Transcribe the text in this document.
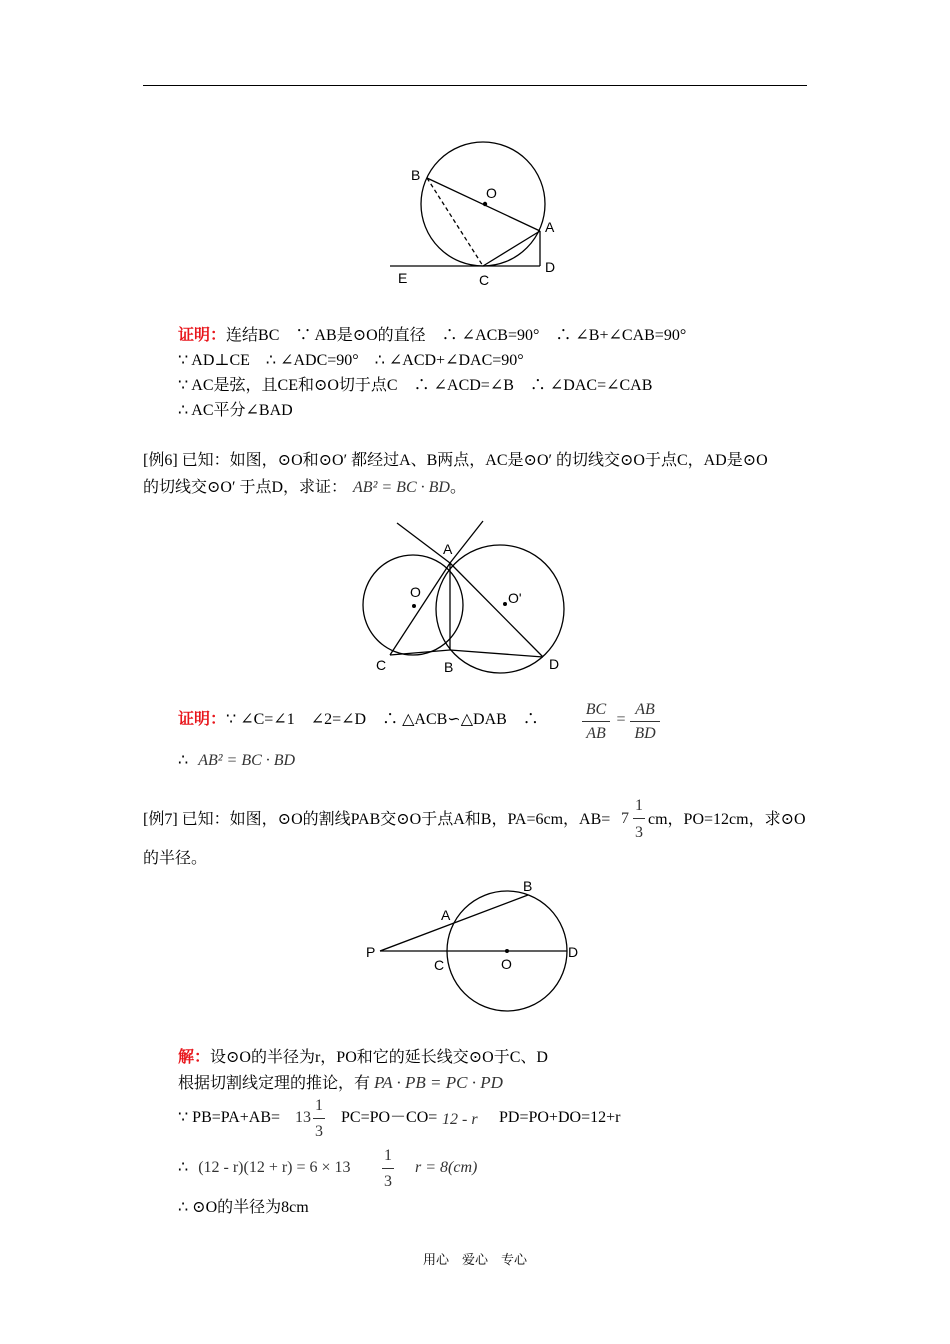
B
O
A
D
E	C
证明：连结BC　∵ AB是⊙O的直径　∴ ∠ACB=90°　∴ ∠B+∠CAB=90°
∵ AD⊥CE　∴ ∠ADC=90°　∴ ∠ACD+∠DAC=90°
∵ AC是弦，且CE和⊙O切于点C　∴ ∠ACD=∠B　∴ ∠DAC=∠CAB
∴ AC平分∠BAD
[例6] 已知：如图，⊙O和⊙O′ 都经过A、B两点，AC是⊙O′ 的切线交⊙O于点C，AD是⊙O
的切线交⊙O′ 于点D，求证： AB² = BC · BD。
A
O	O'
C	B	D
证明：∵ ∠C=∠1　∠2=∠D　∴ △ACB∽△DAB　∴
BC
AB
=
AB
BD
∴ AB² = BC · BD
[例7] 已知：如图，⊙O的割线PAB交⊙O于点A和B，PA=6cm，AB= 7
1
3
cm，PO=12cm，求⊙O
的半径。
B
A
P
C	O
D
解：设⊙O的半径为r，PO和它的延长线交⊙O于C、D
根据切割线定理的推论，有 PA · PB = PC · PD
∵ PB=PA+AB= 13
1
3
PC=PO－CO= 12 - r PD=PO+DO=12+r
∴ (12 - r)(12 + r) = 6 × 13
1
3
r = 8(cm)
∴ ⊙O的半径为8cm
用心　爱心　专心
